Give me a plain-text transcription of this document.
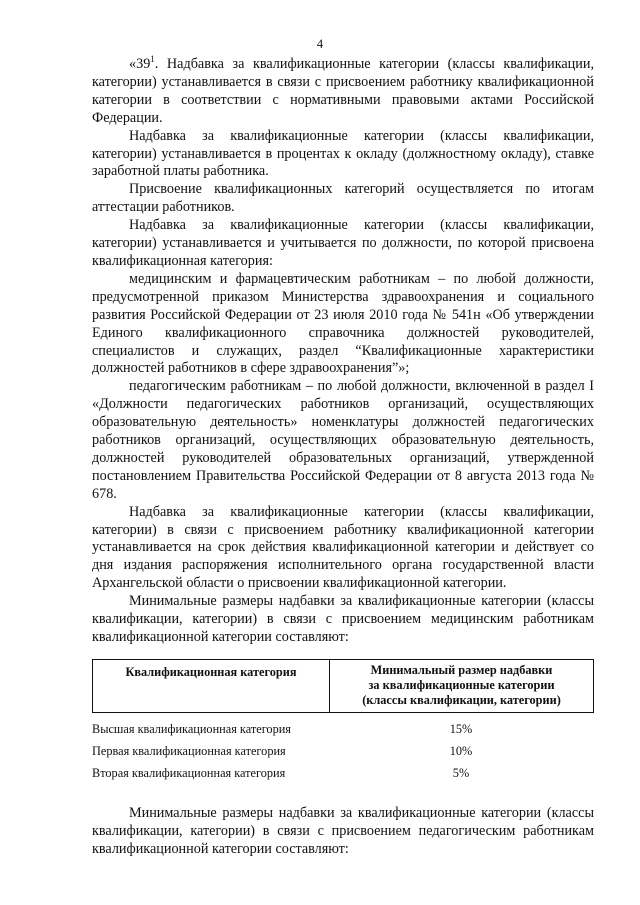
4

«$39^1$. Надбавка за квалификационные категории (классы квалификации, категории) устанавливается в связи с присвоением работнику квалификационной категории в соответствии с нормативными правовыми актами Российской Федерации.

Надбавка за квалификационные категории (классы квалификации, категории) устанавливается в процентах к окладу (должностному окладу), ставке заработной платы работника.

Присвоение квалификационных категорий осуществляется по итогам аттестации работников.

Надбавка за квалификационные категории (классы квалификации, категории) устанавливается и учитывается по должности, по которой присвоена квалификационная категория:

медицинским и фармацевтическим работникам – по любой должности, предусмотренной приказом Министерства здравоохранения и социального развития Российской Федерации от 23 июля 2010 года № 541н «Об утверждении Единого квалификационного справочника должностей руководителей, специалистов и служащих, раздел “Квалификационные характеристики должностей работников в сфере здравоохранения”»;

педагогическим работникам – по любой должности, включенной в раздел I «Должности педагогических работников организаций, осуществляющих образовательную деятельность» номенклатуры должностей педагогических работников организаций, осуществляющих образовательную деятельность, должностей руководителей образовательных организаций, утвержденной постановлением Правительства Российской Федерации от 8 августа 2013 года № 678.

Надбавка за квалификационные категории (классы квалификации, категории) в связи с присвоением работнику квалификационной категории устанавливается на срок действия квалификационной категории и действует со дня издания распоряжения исполнительного органа государственной власти Архангельской области о присвоении квалификационной категории.

Минимальные размеры надбавки за квалификационные категории (классы квалификации, категории) в связи с присвоением медицинским работникам квалификационной категории составляют:

Квалификационная категория	Минимальный размер надбавки
за квалификационные категории
(классы квалификации, категории)
Высшая квалификационная категория	15%
Первая квалификационная категория	10%
Вторая квалификационная категория	5%

Минимальные размеры надбавки за квалификационные категории (классы квалификации, категории) в связи с присвоением педагогическим работникам квалификационной категории составляют:
